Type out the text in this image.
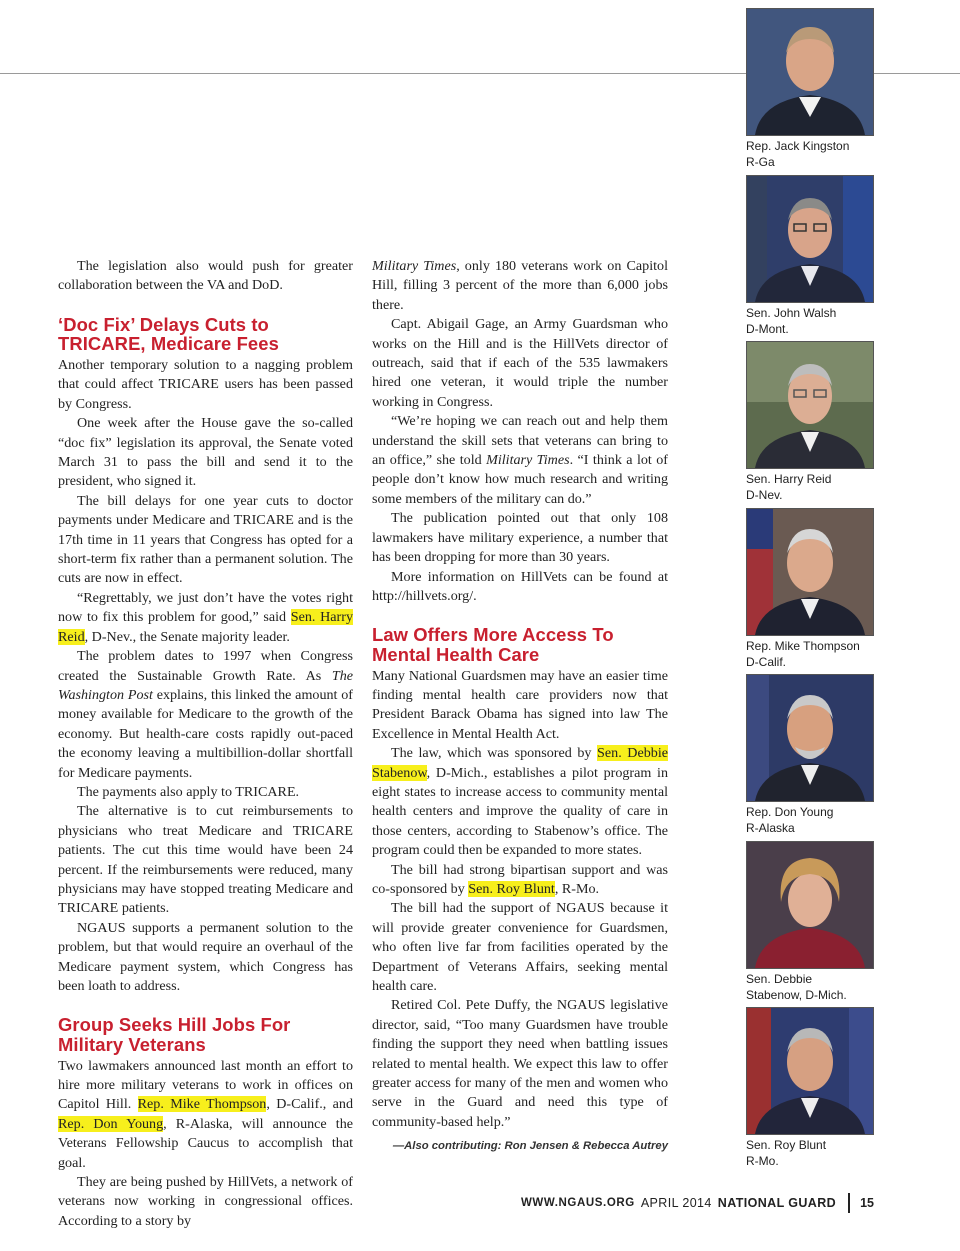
The legislation also would push for greater collaboration between the VA and DoD.

‘Doc Fix’ Delays Cuts to TRICARE, Medicare Fees

Another temporary solution to a nagging problem that could affect TRICARE users has been passed by Congress.

One week after the House gave the so-called “doc fix” legislation its approval, the Senate voted March 31 to pass the bill and send it to the president, who signed it.

The bill delays for one year cuts to doctor payments under Medicare and TRICARE and is the 17th time in 11 years that Congress has opted for a short-term fix rather than a permanent solution. The cuts are now in effect.

“Regrettably, we just don’t have the votes right now to fix this problem for good,” said Sen. Harry Reid, D-Nev., the Senate majority leader.

The problem dates to 1997 when Congress created the Sustainable Growth Rate. As The Washington Post explains, this linked the amount of money available for Medicare to the growth of the economy. But health-care costs rapidly out-paced the economy leaving a multibillion-dollar shortfall for Medicare payments.

The payments also apply to TRICARE.

The alternative is to cut reimbursements to physicians who treat Medicare and TRICARE patients. The cut this time would have been 24 percent. If the reimbursements were reduced, many physicians may have stopped treating Medicare and TRICARE patients.

NGAUS supports a permanent solution to the problem, but that would require an overhaul of the Medicare payment system, which Congress has been loath to address.

Group Seeks Hill Jobs For Military Veterans

Two lawmakers announced last month an effort to hire more military veterans to work in offices on Capitol Hill. Rep. Mike Thompson, D-Calif., and Rep. Don Young, R-Alaska, will announce the Veterans Fellowship Caucus to accomplish that goal.

They are being pushed by HillVets, a network of veterans now working in congressional offices. According to a story by

Military Times, only 180 veterans work on Capitol Hill, filling 3 percent of the more than 6,000 jobs there.

Capt. Abigail Gage, an Army Guardsman who works on the Hill and is the HillVets director of outreach, said that if each of the 535 lawmakers hired one veteran, it would triple the number working in Congress.

“We’re hoping we can reach out and help them understand the skill sets that veterans can bring to an office,” she told Military Times. “I think a lot of people don’t know how much research and writing some members of the military can do.”

The publication pointed out that only 108 lawmakers have military experience, a number that has been dropping for more than 30 years.

More information on HillVets can be found at http://hillvets.org/.

Law Offers More Access To Mental Health Care

Many National Guardsmen may have an easier time finding mental health care providers now that President Barack Obama has signed into law The Excellence in Mental Health Act.

The law, which was sponsored by Sen. Debbie Stabenow, D-Mich., establishes a pilot program in eight states to increase access to community mental health centers and improve the quality of care in those centers, according to Stabenow’s office. The program could then be expanded to more states.

The bill had strong bipartisan support and was co-sponsored by Sen. Roy Blunt, R-Mo.

The bill had the support of NGAUS because it will provide greater convenience for Guardsmen, who often live far from facilities operated by the Department of Veterans Affairs, seeking mental health care.

Retired Col. Pete Duffy, the NGAUS legislative director, said, “Too many Guardsmen have trouble finding the support they need when battling issues related to mental health. We expect this law to offer greater access for many of the men and women who serve in the Guard and need this type of community-based help.”

—Also contributing: Ron Jensen & Rebecca Autrey
Rep. Jack Kingston
R-Ga
Sen. John Walsh
D-Mont.
Sen. Harry Reid
D-Nev.
Rep. Mike Thompson
D-Calif.
Rep. Don Young
R-Alaska
Sen. Debbie
Stabenow, D-Mich.
Sen. Roy Blunt
R-Mo.
WWW.NGAUS.ORG APRIL 2014 NATIONAL GUARD 15
